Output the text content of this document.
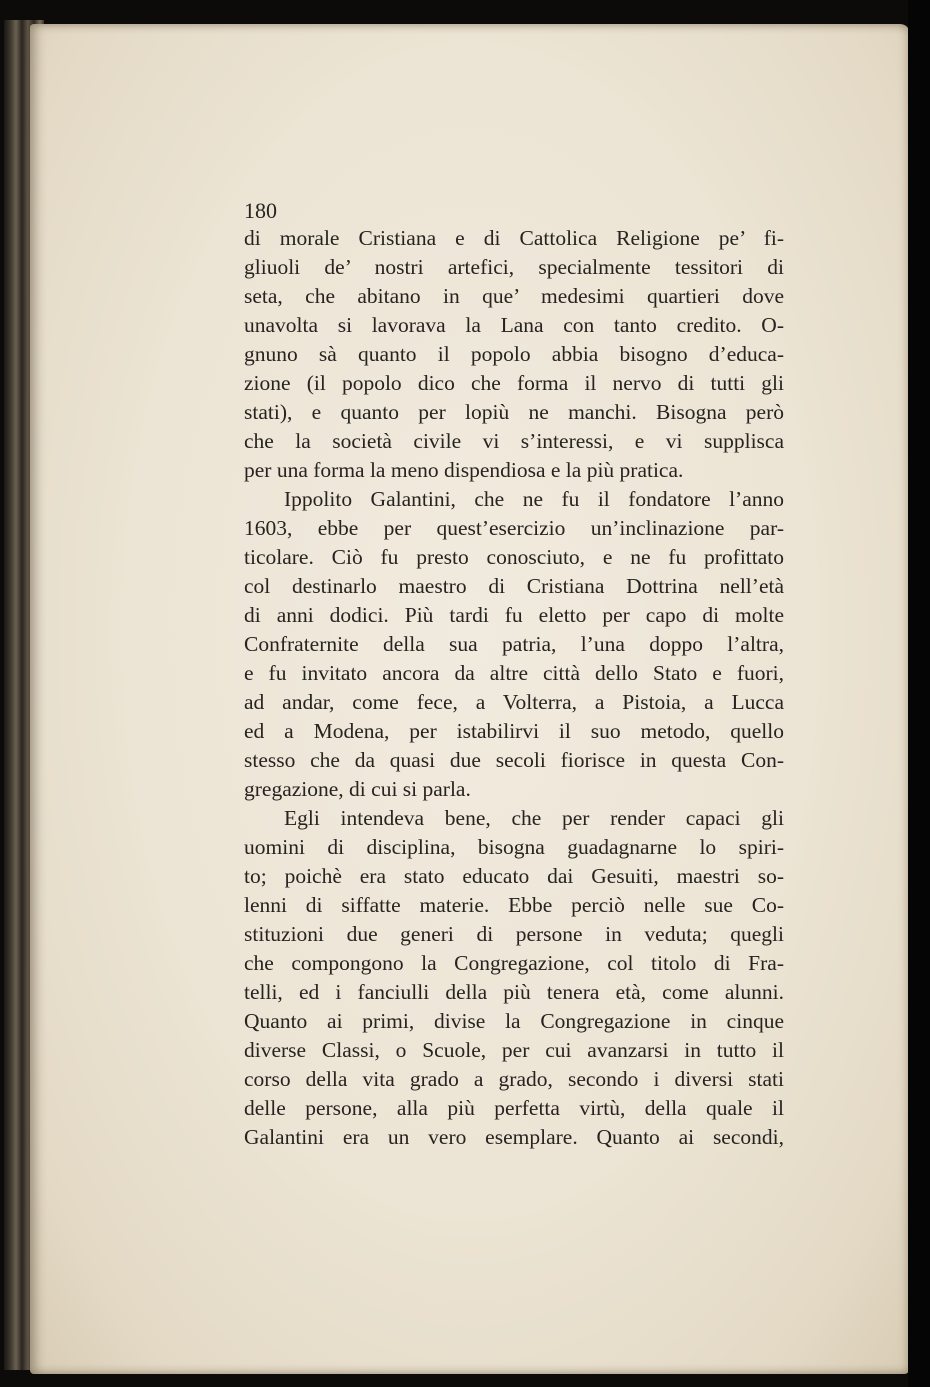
180
di morale Cristiana e di Cattolica Religione pe’ fi-
gliuoli de’ nostri artefici, specialmente tessitori di
seta, che abitano in que’ medesimi quartieri dove
unavolta si lavorava la Lana con tanto credito. O-
gnuno sà quanto il popolo abbia bisogno d’educa-
zione (il popolo dico che forma il nervo di tutti gli
stati), e quanto per lopiù ne manchi. Bisogna però
che la società civile vi s’interessi, e vi supplisca
per una forma la meno dispendiosa e la più pratica.
Ippolito Galantini, che ne fu il fondatore l’anno
1603, ebbe per quest’esercizio un’inclinazione par-
ticolare. Ciò fu presto conosciuto, e ne fu profittato
col destinarlo maestro di Cristiana Dottrina nell’età
di anni dodici. Più tardi fu eletto per capo di molte
Confraternite della sua patria, l’una doppo l’altra,
e fu invitato ancora da altre città dello Stato e fuori,
ad andar, come fece, a Volterra, a Pistoia, a Lucca
ed a Modena, per istabilirvi il suo metodo, quello
stesso che da quasi due secoli fiorisce in questa Con-
gregazione, di cui si parla.
Egli intendeva bene, che per render capaci gli
uomini di disciplina, bisogna guadagnarne lo spiri-
to; poichè era stato educato dai Gesuiti, maestri so-
lenni di siffatte materie. Ebbe perciò nelle sue Co-
stituzioni due generi di persone in veduta; quegli
che compongono la Congregazione, col titolo di Fra-
telli, ed i fanciulli della più tenera età, come alunni.
Quanto ai primi, divise la Congregazione in cinque
diverse Classi, o Scuole, per cui avanzarsi in tutto il
corso della vita grado a grado, secondo i diversi stati
delle persone, alla più perfetta virtù, della quale il
Galantini era un vero esemplare. Quanto ai secondi,
